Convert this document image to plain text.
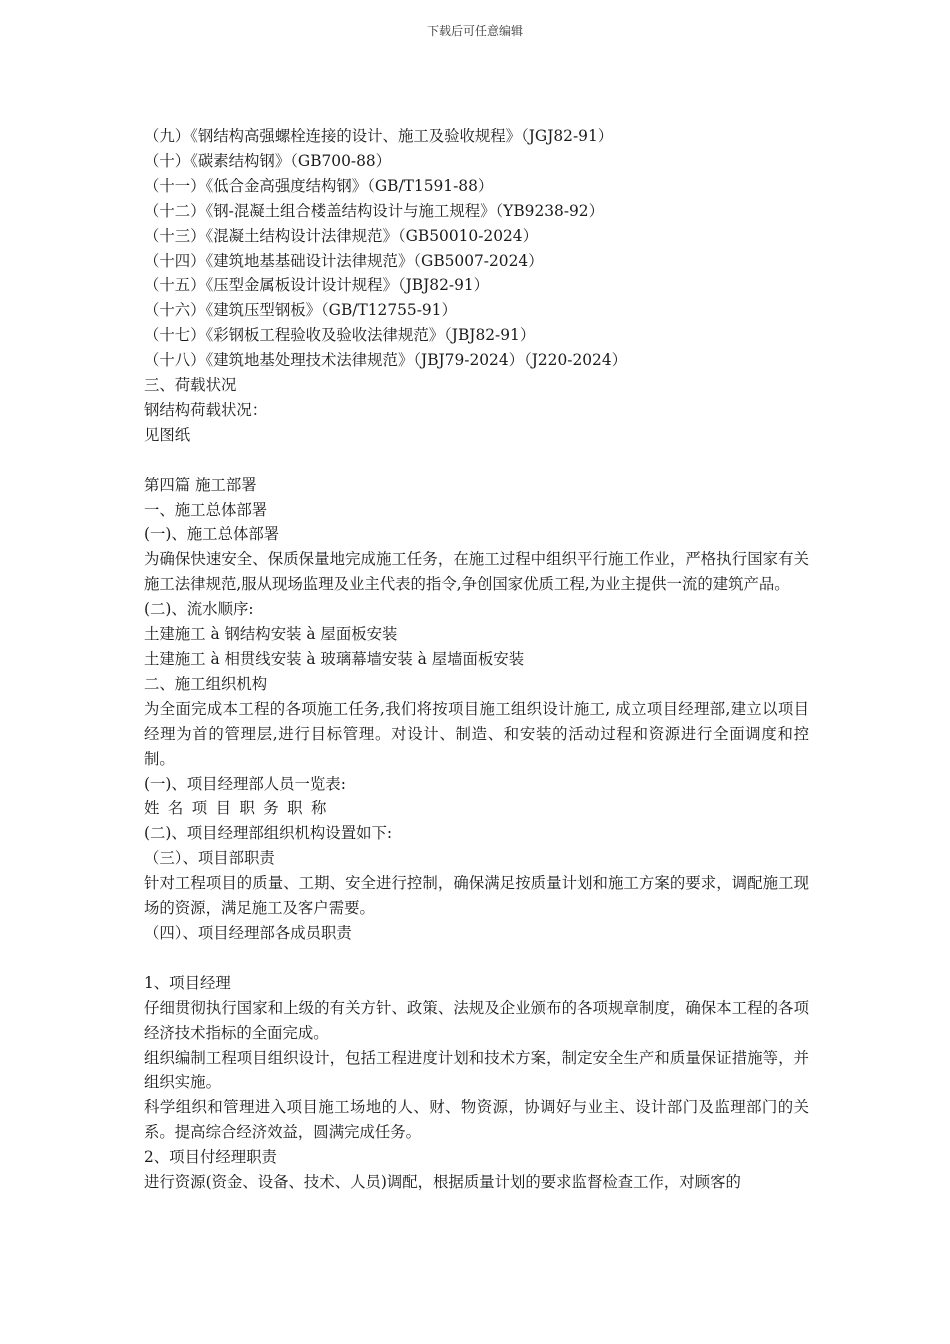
下载后可任意编辑
（九）《钢结构高强螺栓连接的设计、施工及验收规程》（JGJ82-91）
（十）《碳素结构钢》（GB700-88）
（十一）《低合金高强度结构钢》（GB/T1591-88）
（十二）《钢-混凝土组合楼盖结构设计与施工规程》（YB9238-92）
（十三）《混凝土结构设计法律规范》（GB50010-2024）
（十四）《建筑地基基础设计法律规范》（GB5007-2024）
（十五）《压型金属板设计设计规程》（JBJ82-91）
（十六）《建筑压型钢板》（GB/T12755-91）
（十七）《彩钢板工程验收及验收法律规范》（JBJ82-91）
（十八）《建筑地基处理技术法律规范》（JBJ79-2024）（J220-2024）
三、荷载状况
钢结构荷载状况：
见图纸
第四篇 施工部署
一、施工总体部署
(一)、施工总体部署
为确保快速安全、保质保量地完成施工任务，在施工过程中组织平行施工作业，严格执行国家有关施工法律规范,服从现场监理及业主代表的指令,争创国家优质工程,为业主提供一流的建筑产品。
(二)、流水顺序:
土建施工 à 钢结构安装 à 屋面板安装
土建施工 à 相贯线安装 à 玻璃幕墙安装 à 屋墙面板安装
二、施工组织机构
为全面完成本工程的各项施工任务,我们将按项目施工组织设计施工, 成立项目经理部,建立以项目经理为首的管理层,进行目标管理。对设计、制造、和安装的活动过程和资源进行全面调度和控制。
(一)、项目经理部人员一览表:
姓名项目职务职称
(二)、项目经理部组织机构设置如下:
（三）、项目部职责
针对工程项目的质量、工期、安全进行控制，确保满足按质量计划和施工方案的要求，调配施工现场的资源，满足施工及客户需要。
（四）、项目经理部各成员职责
1、项目经理
仔细贯彻执行国家和上级的有关方针、政策、法规及企业颁布的各项规章制度，确保本工程的各项经济技术指标的全面完成。
组织编制工程项目组织设计，包括工程进度计划和技术方案，制定安全生产和质量保证措施等，并组织实施。
科学组织和管理进入项目施工场地的人、财、物资源，协调好与业主、设计部门及监理部门的关系。提高综合经济效益，圆满完成任务。
2、项目付经理职责
进行资源(资金、设备、技术、人员)调配，根据质量计划的要求监督检查工作，对顾客的
